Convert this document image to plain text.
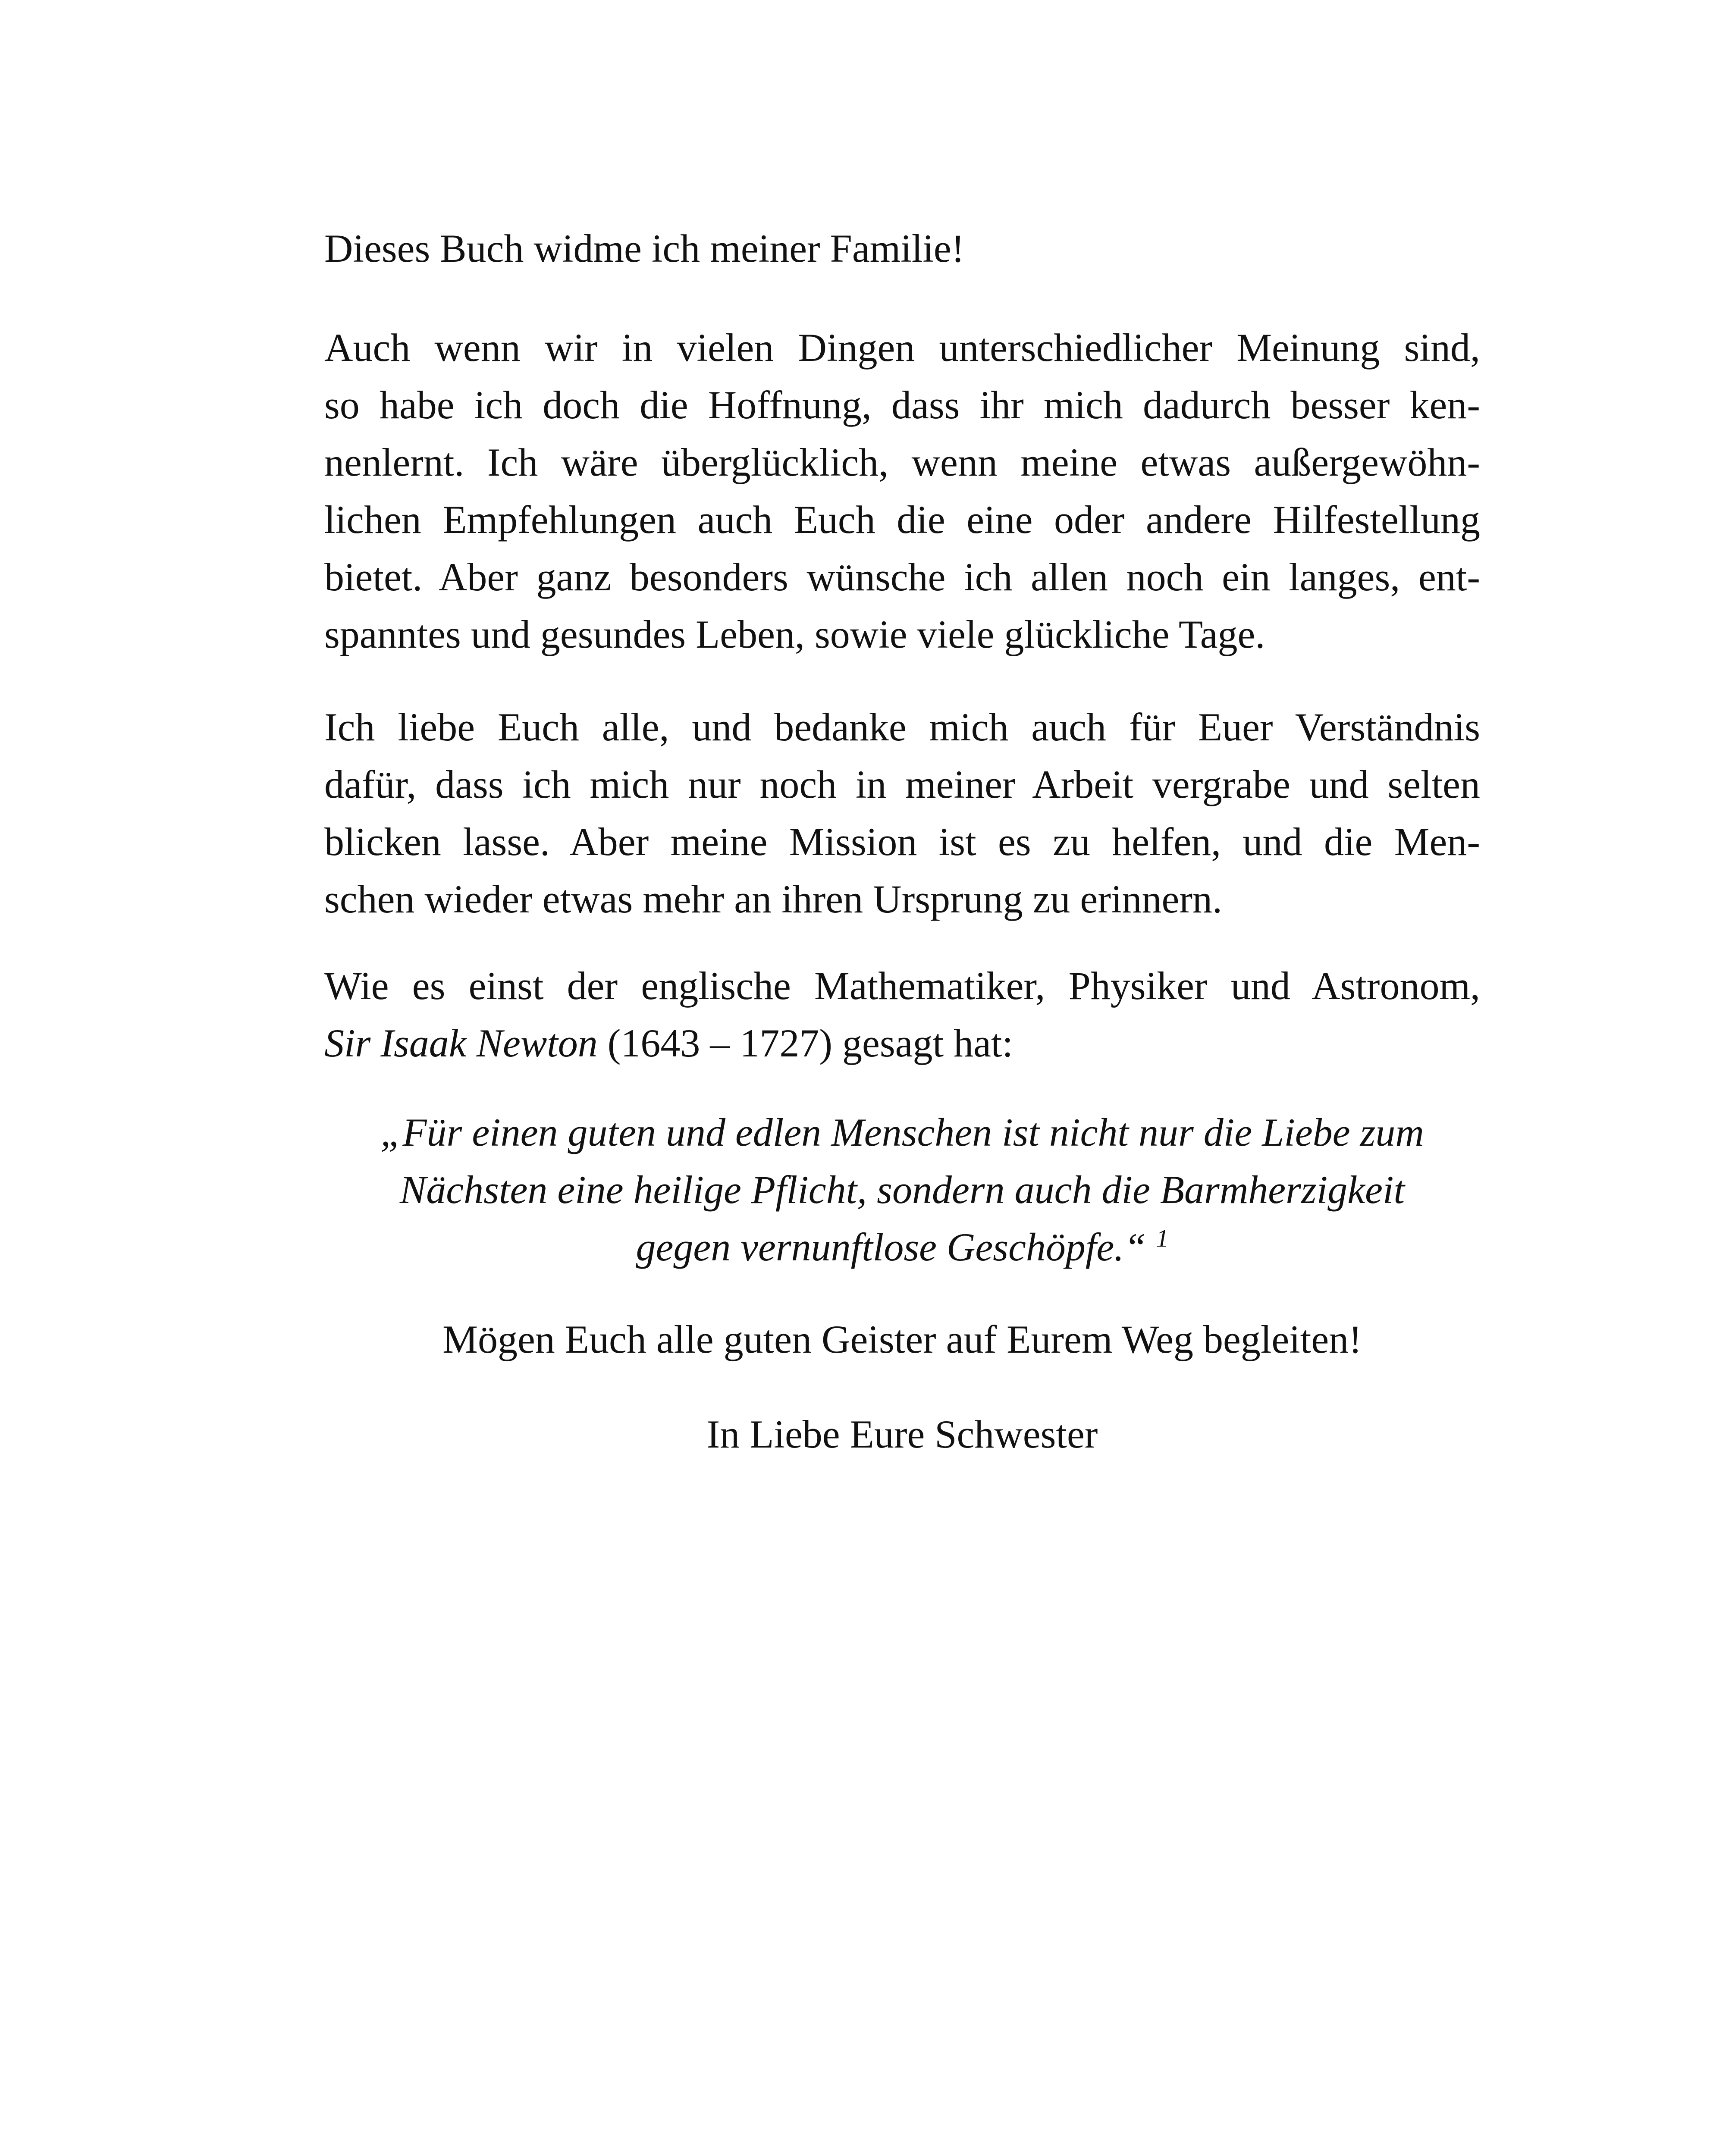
Dieses Buch widme ich meiner Familie!
Auch wenn wir in vielen Dingen unterschiedlicher Meinung sind,
so habe ich doch die Hoffnung, dass ihr mich dadurch besser ken-
nenlernt. Ich wäre überglücklich, wenn meine etwas außergewöhn-
lichen Empfehlungen auch Euch die eine oder andere Hilfestellung
bietet. Aber ganz besonders wünsche ich allen noch ein langes, ent-
spanntes und gesundes Leben, sowie viele glückliche Tage.
Ich liebe Euch alle, und bedanke mich auch für Euer Verständnis
dafür, dass ich mich nur noch in meiner Arbeit vergrabe und selten
blicken lasse. Aber meine Mission ist es zu helfen, und die Men-
schen wieder etwas mehr an ihren Ursprung zu erinnern.
Wie es einst der englische Mathematiker, Physiker und Astronom,
Sir Isaak Newton (1643 – 1727) gesagt hat:
„Für einen guten und edlen Menschen ist nicht nur die Liebe zum
Nächsten eine heilige Pflicht, sondern auch die Barmherzigkeit
gegen vernunftlose Geschöpfe.“ $^1$
Mögen Euch alle guten Geister auf Eurem Weg begleiten!
In Liebe Eure Schwester
